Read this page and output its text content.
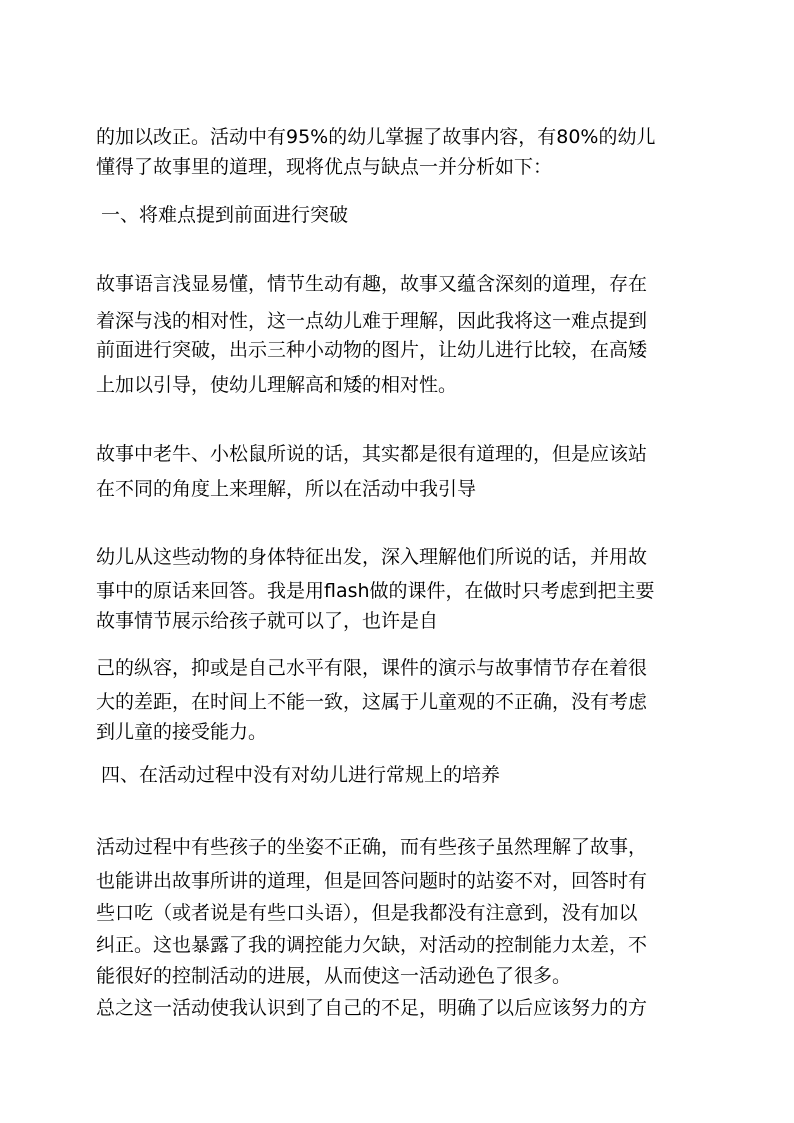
的加以改正。活动中有95%的幼儿掌握了故事内容，有80%的幼儿
懂得了故事里的道理，现将优点与缺点一并分析如下：
一、将难点提到前面进行突破
故事语言浅显易懂，情节生动有趣，故事又蕴含深刻的道理，存在
着深与浅的相对性，这一点幼儿难于理解，因此我将这一难点提到
前面进行突破，出示三种小动物的图片，让幼儿进行比较，在高矮
上加以引导，使幼儿理解高和矮的相对性。
故事中老牛、小松鼠所说的话，其实都是很有道理的，但是应该站
在不同的角度上来理解，所以在活动中我引导
幼儿从这些动物的身体特征出发，深入理解他们所说的话，并用故
事中的原话来回答。我是用flash做的课件，在做时只考虑到把主要
故事情节展示给孩子就可以了，也许是自
己的纵容，抑或是自己水平有限，课件的演示与故事情节存在着很
大的差距，在时间上不能一致，这属于儿童观的不正确，没有考虑
到儿童的接受能力。
四、在活动过程中没有对幼儿进行常规上的培养
活动过程中有些孩子的坐姿不正确，而有些孩子虽然理解了故事，
也能讲出故事所讲的道理，但是回答问题时的站姿不对，回答时有
些口吃（或者说是有些口头语），但是我都没有注意到，没有加以
纠正。这也暴露了我的调控能力欠缺，对活动的控制能力太差，不
能很好的控制活动的进展，从而使这一活动逊色了很多。
总之这一活动使我认识到了自己的不足，明确了以后应该努力的方
